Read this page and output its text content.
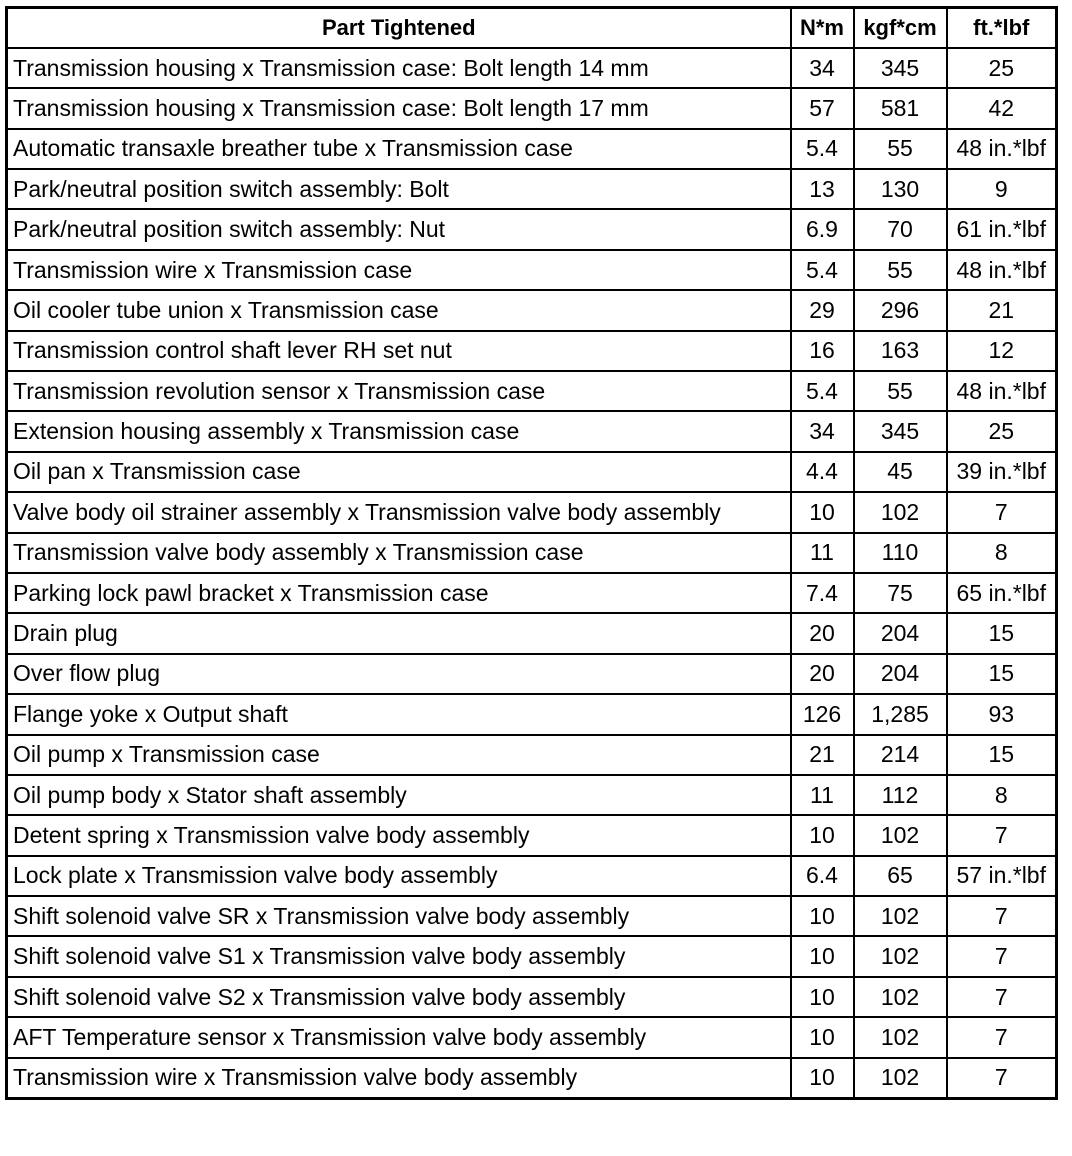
Part Tightened	N*m	kgf*cm	ft.*lbf
Transmission housing x Transmission case: Bolt length 14 mm	34	345	25
Transmission housing x Transmission case: Bolt length 17 mm	57	581	42
Automatic transaxle breather tube x Transmission case	5.4	55	48 in.*lbf
Park/neutral position switch assembly: Bolt	13	130	9
Park/neutral position switch assembly: Nut	6.9	70	61 in.*lbf
Transmission wire x Transmission case	5.4	55	48 in.*lbf
Oil cooler tube union x Transmission case	29	296	21
Transmission control shaft lever RH set nut	16	163	12
Transmission revolution sensor x Transmission case	5.4	55	48 in.*lbf
Extension housing assembly x Transmission case	34	345	25
Oil pan x Transmission case	4.4	45	39 in.*lbf
Valve body oil strainer assembly x Transmission valve body assembly	10	102	7
Transmission valve body assembly x Transmission case	11	110	8
Parking lock pawl bracket x Transmission case	7.4	75	65 in.*lbf
Drain plug	20	204	15
Over flow plug	20	204	15
Flange yoke x Output shaft	126	1,285	93
Oil pump x Transmission case	21	214	15
Oil pump body x Stator shaft assembly	11	112	8
Detent spring x Transmission valve body assembly	10	102	7
Lock plate x Transmission valve body assembly	6.4	65	57 in.*lbf
Shift solenoid valve SR x Transmission valve body assembly	10	102	7
Shift solenoid valve S1 x Transmission valve body assembly	10	102	7
Shift solenoid valve S2 x Transmission valve body assembly	10	102	7
AFT Temperature sensor x Transmission valve body assembly	10	102	7
Transmission wire x Transmission valve body assembly	10	102	7
